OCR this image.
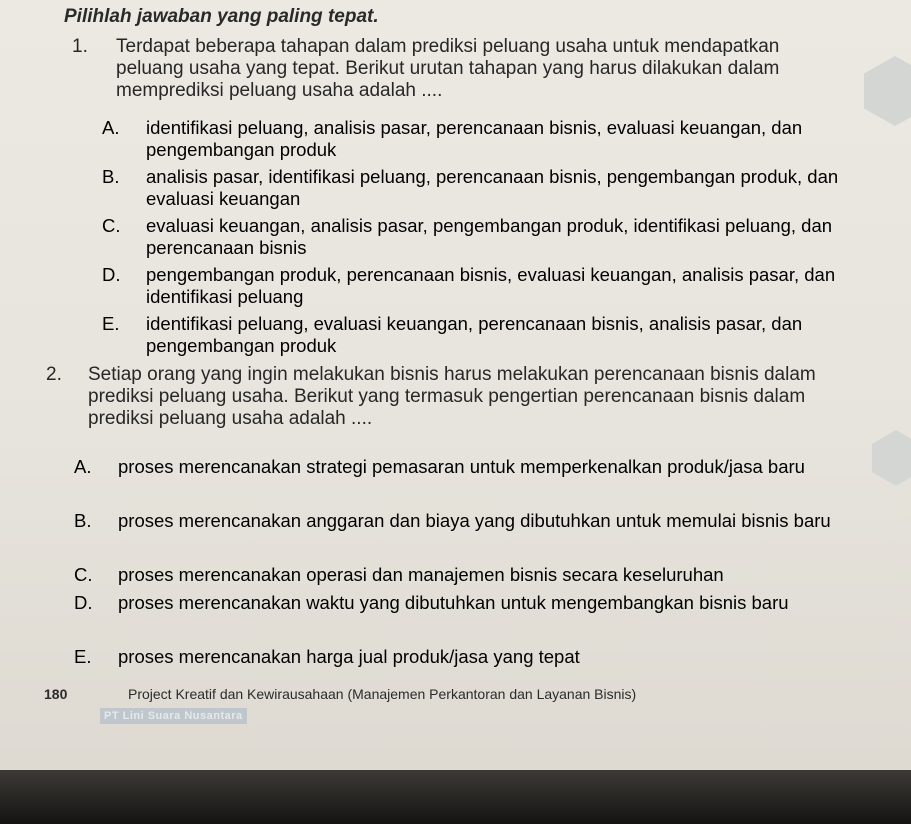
Pilihlah jawaban yang paling tepat.
1. Terdapat beberapa tahapan dalam prediksi peluang usaha untuk mendapatkan peluang usaha yang tepat. Berikut urutan tahapan yang harus dilakukan dalam memprediksi peluang usaha adalah ....
A. identifikasi peluang, analisis pasar, perencanaan bisnis, evaluasi keuangan, dan pengembangan produk
B. analisis pasar, identifikasi peluang, perencanaan bisnis, pengembangan produk, dan evaluasi keuangan
C. evaluasi keuangan, analisis pasar, pengembangan produk, identifikasi peluang, dan perencanaan bisnis
D. pengembangan produk, perencanaan bisnis, evaluasi keuangan, analisis pasar, dan identifikasi peluang
E. identifikasi peluang, evaluasi keuangan, perencanaan bisnis, analisis pasar, dan pengembangan produk
2. Setiap orang yang ingin melakukan bisnis harus melakukan perencanaan bisnis dalam prediksi peluang usaha. Berikut yang termasuk pengertian perencanaan bisnis dalam prediksi peluang usaha adalah ....
A. proses merencanakan strategi pemasaran untuk memperkenalkan produk/jasa baru
B. proses merencanakan anggaran dan biaya yang dibutuhkan untuk memulai bisnis baru
C. proses merencanakan operasi dan manajemen bisnis secara keseluruhan
D. proses merencanakan waktu yang dibutuhkan untuk mengembangkan bisnis baru
E. proses merencanakan harga jual produk/jasa yang tepat
180	Project Kreatif dan Kewirausahaan (Manajemen Perkantoran dan Layanan Bisnis)
PT Lini Suara Nusantara
